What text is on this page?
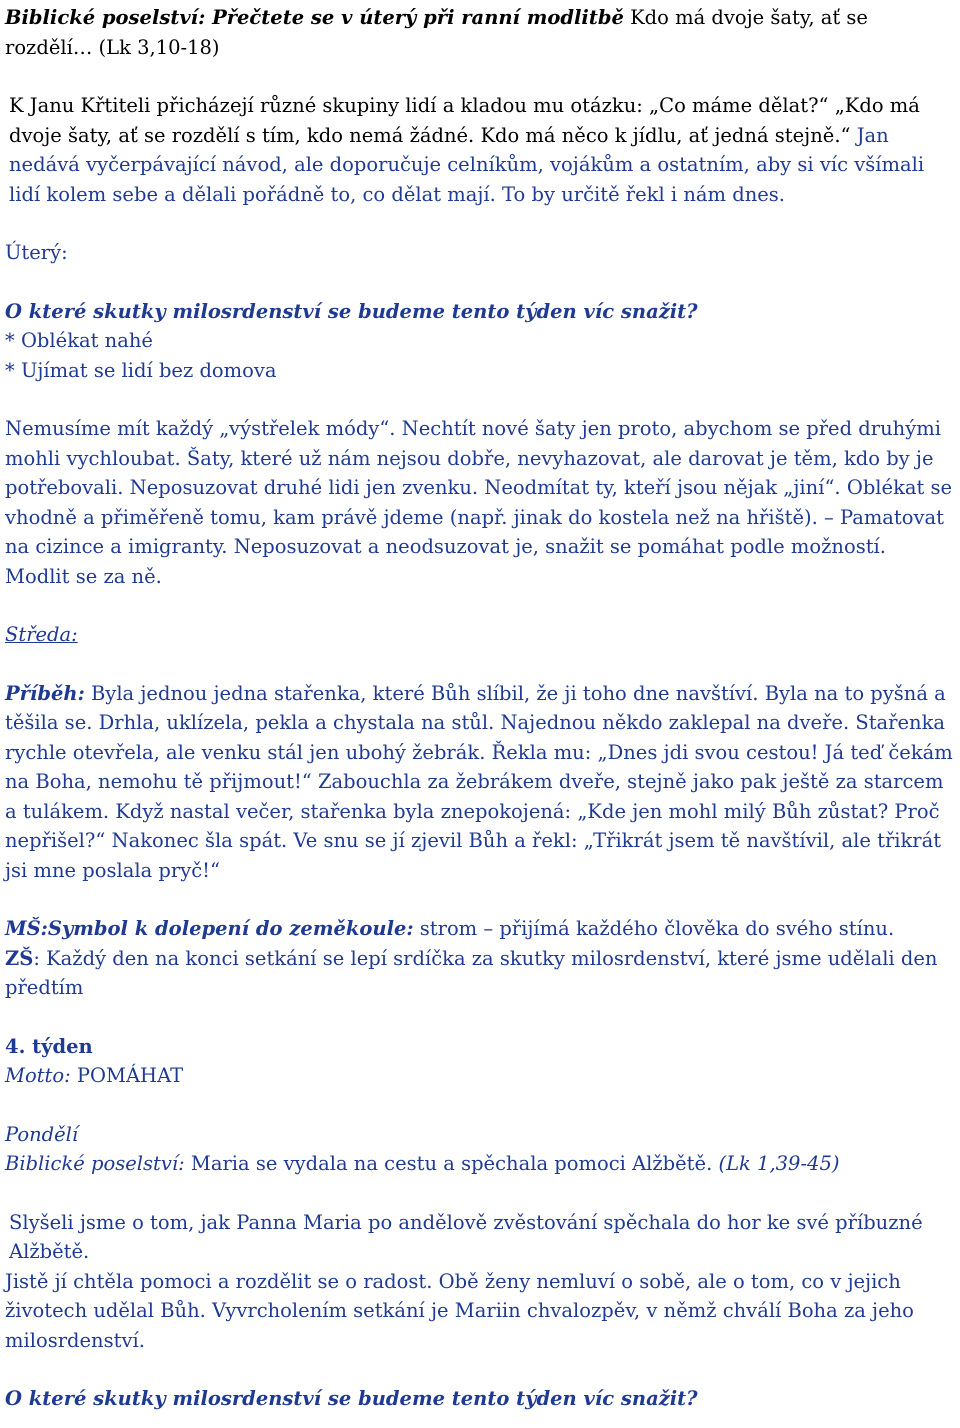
Biblické poselství: Přečtete se v úterý při ranní modlitbě Kdo má dvoje šaty, ať se rozdělí… (Lk 3,10-18)

K Janu Křtiteli přicházejí různé skupiny lidí a kladou mu otázku: „Co máme dělat?“ „Kdo má dvoje šaty, ať se rozdělí s tím, kdo nemá žádné. Kdo má něco k jídlu, ať jedná stejně.“ Jan nedává vyčerpávající návod, ale doporučuje celníkům, vojákům a ostatním, aby si víc všímali lidí kolem sebe a dělali pořádně to, co dělat mají. To by určitě řekl i nám dnes.

Úterý:

O které skutky milosrdenství se budeme tento týden víc snažit?

* Oblékat nahé

* Ujímat se lidí bez domova

Nemusíme mít každý „výstřelek módy“. Nechtít nové šaty jen proto, abychom se před druhými mohli vychloubat. Šaty, které už nám nejsou dobře, nevyhazovat, ale darovat je těm, kdo by je potřebovali. Neposuzovat druhé lidi jen zvenku. Neodmítat ty, kteří jsou nějak „jiní“. Oblékat se vhodně a přiměřeně tomu, kam právě jdeme (např. jinak do kostela než na hřiště). – Pamatovat na cizince a imigranty. Neposuzovat a neodsuzovat je, snažit se pomáhat podle možností. Modlit se za ně.

Středa:

Příběh: Byla jednou jedna stařenka, které Bůh slíbil, že ji toho dne navštíví. Byla na to pyšná a těšila se. Drhla, uklízela, pekla a chystala na stůl. Najednou někdo zaklepal na dveře. Stařenka rychle otevřela, ale venku stál jen ubohý žebrák. Řekla mu: „Dnes jdi svou cestou! Já teď čekám na Boha, nemohu tě přijmout!“ Zabouchla za žebrákem dveře, stejně jako pak ještě za starcem a tulákem. Když nastal večer, stařenka byla znepokojená: „Kde jen mohl milý Bůh zůstat? Proč nepřišel?“ Nakonec šla spát. Ve snu se jí zjevil Bůh a řekl: „Třikrát jsem tě navštívil, ale třikrát jsi mne poslala pryč!“

MŠ:Symbol k dolepení do zeměkoule: strom – přijímá každého člověka do svého stínu.

ZŠ: Každý den na konci setkání se lepí srdíčka za skutky milosrdenství, které jsme udělali den předtím

4. týden

Motto: POMÁHAT

Pondělí

Biblické poselství: Maria se vydala na cestu a spěchala pomoci Alžbětě. (Lk 1,39-45)

Slyšeli jsme o tom, jak Panna Maria po andělově zvěstování spěchala do hor ke své příbuzné Alžbětě.

Jistě jí chtěla pomoci a rozdělit se o radost. Obě ženy nemluví o sobě, ale o tom, co v jejich životech udělal Bůh. Vyvrcholením setkání je Mariin chvalozpěv, v němž chválí Boha za jeho milosrdenství.

O které skutky milosrdenství se budeme tento týden víc snažit?
